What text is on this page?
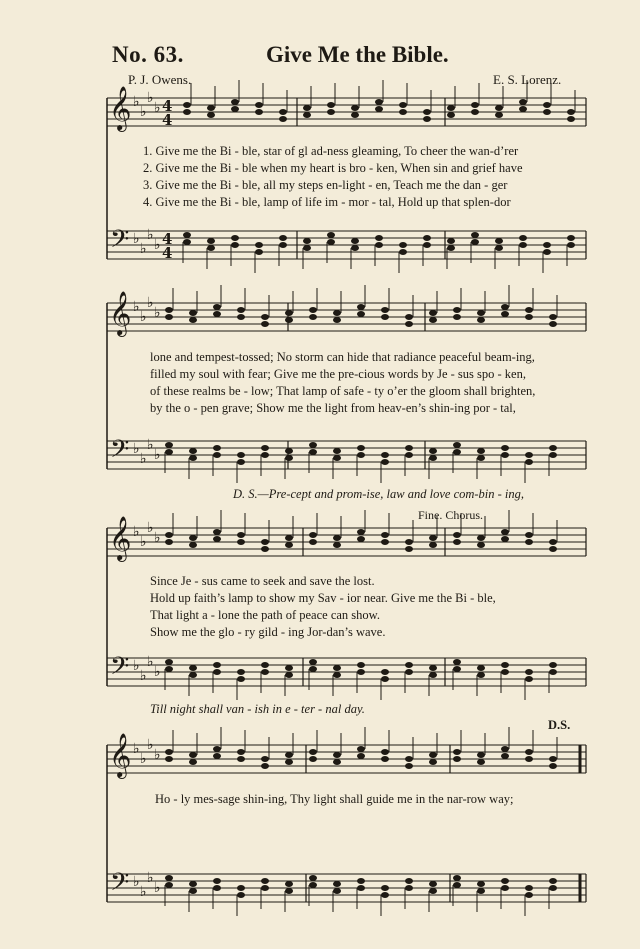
No. 63.	Give Me the Bible.
P. J. Owens.	E. S. Lorenz.
𝄞
𝄢
♭
♭
♭
♭
♭
♭
♭
♭
4
4
4
4
𝄞
𝄢
♭
♭
♭
♭
♭
♭
♭
♭
𝄞
𝄢
♭
♭
♭
♭
♭
♭
♭
♭
𝄞
𝄢
♭
♭
♭
♭
♭
♭
♭
♭
1. Give me the Bi - ble, star of gl ad-ness gleaming, To cheer the wan-d’rer
2. Give me the Bi - ble when my heart is bro - ken, When sin and grief have
3. Give me the Bi - ble, all my steps en-light - en, Teach me the dan - ger
4. Give me the Bi - ble, lamp of life im - mor - tal, Hold up that splen-dor
lone and tempest-tossed; No storm can hide that radiance peaceful beam-ing,
filled my soul with fear; Give me the pre-cious words by Je - sus spo - ken,
of these realms be - low; That lamp of safe - ty o’er the gloom shall brighten,
by the o - pen grave; Show me the light from heav-en’s shin-ing por - tal,
D. S.—Pre-cept and prom-ise, law and love com-bin - ing,
Fine. Chorus.
Since Je - sus came to seek and save the lost.
Hold up faith’s lamp to show my Sav - ior near. Give me the Bi - ble,
That light a - lone the path of peace can show.
Show me the glo - ry gild - ing Jor-dan’s wave.
Till night shall van - ish in e - ter - nal day.
D.S.
Ho - ly mes-sage shin-ing, Thy light shall guide me in the nar-row way;
